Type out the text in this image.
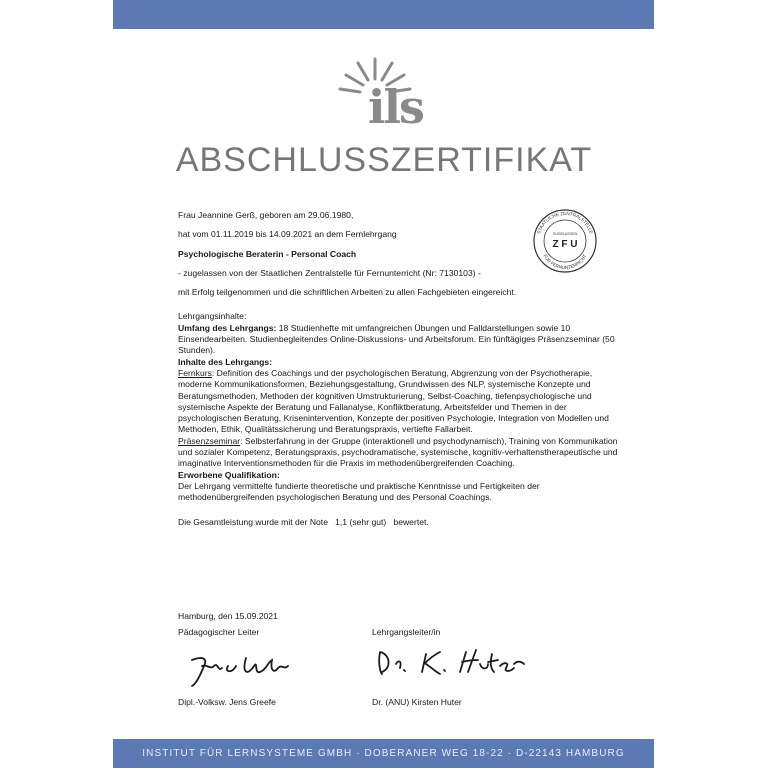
ils
ABSCHLUSSZERTIFIKAT
STAATLICHE ZENTRALSTELLE
FÜR FERNUNTERRICHT
ZUGELASSEN
Z F U

Frau Jeannine Gerß, geboren am 29.06.1980,

hat vom 01.11.2019 bis 14.09.2021 an dem Fernlehrgang

Psychologische Beraterin - Personal Coach

- zugelassen von der Staatlichen Zentralstelle für Fernunterricht (Nr: 7130103) -

mit Erfolg teilgenommen und die schriftlichen Arbeiten zu allen Fachgebieten eingereicht.

Lehrgangsinhalte:

Umfang des Lehrgangs: 18 Studienhefte mit umfangreichen Übungen und Falldarstellungen sowie 10 Einsendearbeiten. Studienbegleitendes Online-Diskussions- und Arbeitsforum. Ein fünftägiges Präsenzseminar (50 Stunden).

Inhalte des Lehrgangs:

Fernkurs: Definition des Coachings und der psychologischen Beratung, Abgrenzung von der Psychotherapie, moderne Kommunikationsformen, Beziehungsgestaltung, Grundwissen des NLP, systemische Konzepte und Beratungsmethoden, Methoden der kognitiven Umstrukturierung, Selbst-Coaching, tiefenpsychologische und systemische Aspekte der Beratung und Fallanalyse, Konfliktberatung, Arbeitsfelder und Themen in der psychologischen Beratung, Krisenintervention, Konzepte der positiven Psychologie, Integration von Modellen und Methoden, Ethik, Qualitätssicherung und Beratungspraxis, vertiefte Fallarbeit.

Präsenzseminar: Selbsterfahrung in der Gruppe (interaktionell und psychodynamisch), Training von Kommunikation und sozialer Kompetenz, Beratungspraxis, psychodramatische, systemische, kognitiv-verhaltenstherapeutische und imaginative Interventionsmethoden für die Praxis im methodenübergreifenden Coaching.

Erworbene Qualifikation:

Der Lehrgang vermittelte fundierte theoretische und praktische Kenntnisse und Fertigkeiten der methodenübergreifenden psychologischen Beratung und des Personal Coachings.

Die Gesamtleistung wurde mit der Note   1,1 (sehr gut)   bewertet.

Hamburg, den 15.09.2021
Pädagogischer Leiter	Lehrgangsleiter/in
Dipl.-Volksw. Jens Greefe	Dr. (ANU) Kirsten Huter
INSTITUT FÜR LERNSYSTEME GMBH · DOBERANER WEG 18-22 · D-22143 HAMBURG
